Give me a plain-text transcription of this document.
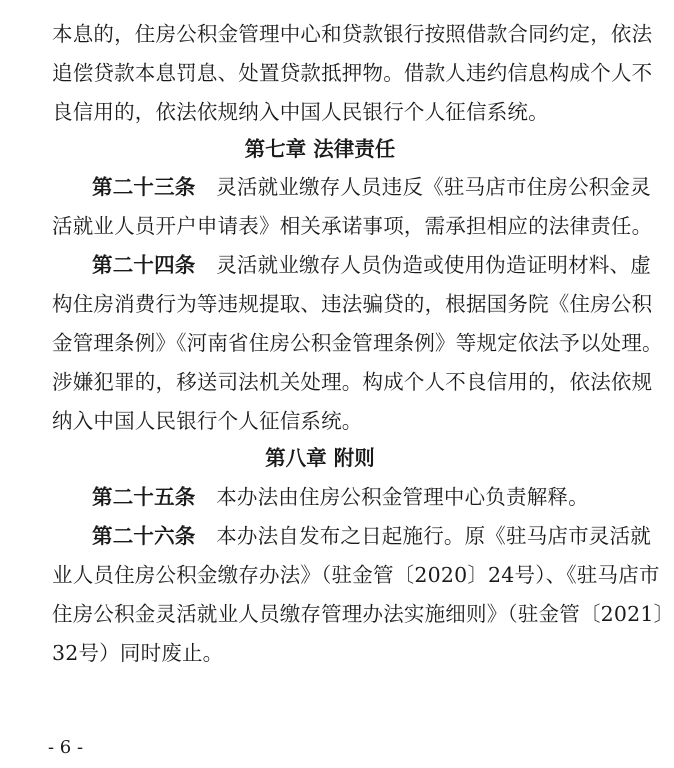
本息的，住房公积金管理中心和贷款银行按照借款合同约定，依法
追偿贷款本息罚息、处置贷款抵押物。借款人违约信息构成个人不
良信用的，依法依规纳入中国人民银行个人征信系统。
第七章 法律责任
第二十三条　 灵活就业缴存人员违反《驻马店市住房公积金灵
活就业人员开户申请表》相关承诺事项，需承担相应的法律责任。
第二十四条　 灵活就业缴存人员伪造或使用伪造证明材料、虚
构住房消费行为等违规提取、违法骗贷的，根据国务院《住房公积
金管理条例》《河南省住房公积金管理条例》等规定依法予以处理。
涉嫌犯罪的，移送司法机关处理。构成个人不良信用的，依法依规
纳入中国人民银行个人征信系统。
第八章 附则
第二十五条　 本办法由住房公积金管理中心负责解释。
第二十六条　 本办法自发布之日起施行。原《驻马店市灵活就
业人员住房公积金缴存办法》（驻金管〔2020〕24号）、《驻马店市
住房公积金灵活就业人员缴存管理办法实施细则》（驻金管〔2021〕
32号）同时废止。
- 6 -
